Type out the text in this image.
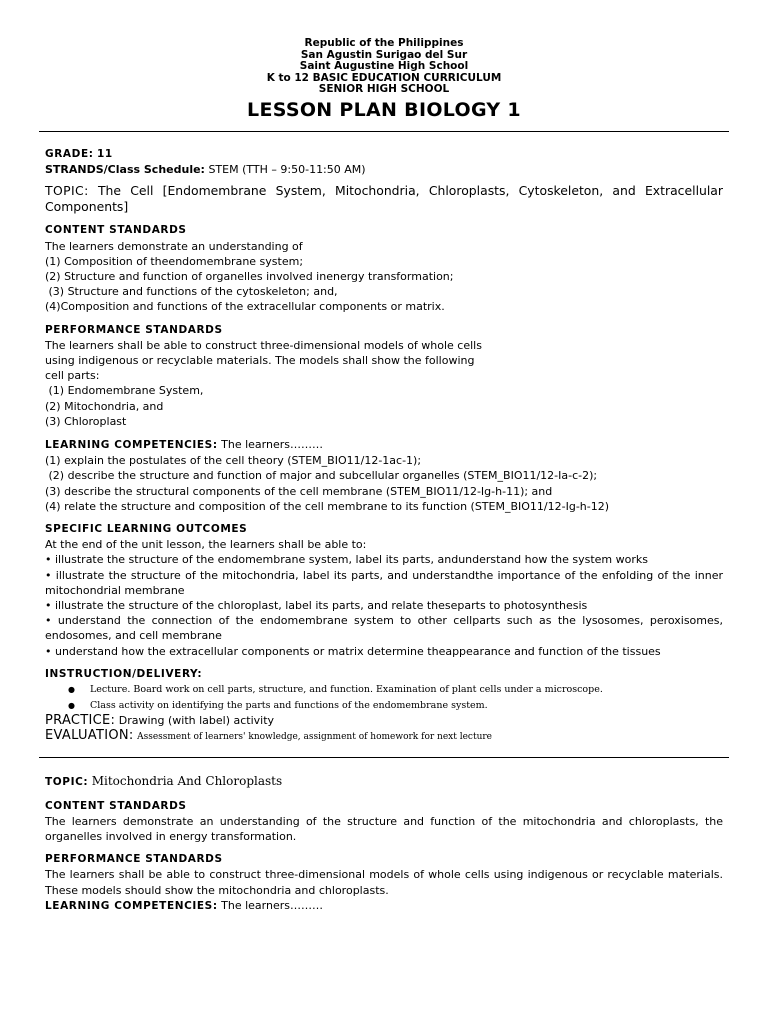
Republic of the Philippines
San Agustin Surigao del Sur
Saint Augustine High School
K to 12 BASIC EDUCATION CURRICULUM
SENIOR HIGH SCHOOL
LESSON PLAN BIOLOGY 1
GRADE: 11
STRANDS/Class Schedule: STEM (TTH – 9:50-11:50 AM)
TOPIC: The Cell [Endomembrane System, Mitochondria, Chloroplasts, Cytoskeleton, and Extracellular Components]
CONTENT STANDARDS
The learners demonstrate an understanding of
(1) Composition of theendomembrane system;
(2) Structure and function of organelles involved inenergy transformation;
(3) Structure and functions of the cytoskeleton; and,
(4)Composition and functions of the extracellular components or matrix.
PERFORMANCE STANDARDS
The learners shall be able to construct three-dimensional models of whole cells
using indigenous or recyclable materials. The models shall show the following
cell parts:
(1) Endomembrane System,
(2) Mitochondria, and
(3) Chloroplast
LEARNING COMPETENCIES: The learners………
(1) explain the postulates of the cell theory (STEM_BIO11/12-1ac-1);
(2) describe the structure and function of major and subcellular organelles (STEM_BIO11/12-Ia-c-2);
(3) describe the structural components of the cell membrane (STEM_BIO11/12-Ig-h-11); and
(4) relate the structure and composition of the cell membrane to its function (STEM_BIO11/12-Ig-h-12)
SPECIFIC LEARNING OUTCOMES
At the end of the unit lesson, the learners shall be able to:
• illustrate the structure of the endomembrane system, label its parts, andunderstand how the system works
• illustrate the structure of the mitochondria, label its parts, and understandthe importance of the enfolding of the inner mitochondrial membrane
• illustrate the structure of the chloroplast, label its parts, and relate theseparts to photosynthesis
• understand the connection of the endomembrane system to other cellparts such as the lysosomes, peroxisomes, endosomes, and cell membrane
• understand how the extracellular components or matrix determine theappearance and function of the tissues
INSTRUCTION/DELIVERY:
● Lecture. Board work on cell parts, structure, and function. Examination of plant cells under a microscope.
● Class activity on identifying the parts and functions of the endomembrane system.
PRACTICE: Drawing (with label) activity
EVALUATION: Assessment of learners' knowledge, assignment of homework for next lecture
TOPIC: Mitochondria And Chloroplasts
CONTENT STANDARDS
The learners demonstrate an understanding of the structure and function of the mitochondria and chloroplasts, the organelles involved in energy transformation.
PERFORMANCE STANDARDS
The learners shall be able to construct three-dimensional models of whole cells using indigenous or recyclable materials. These models should show the mitochondria and chloroplasts.
LEARNING COMPETENCIES: The learners………
